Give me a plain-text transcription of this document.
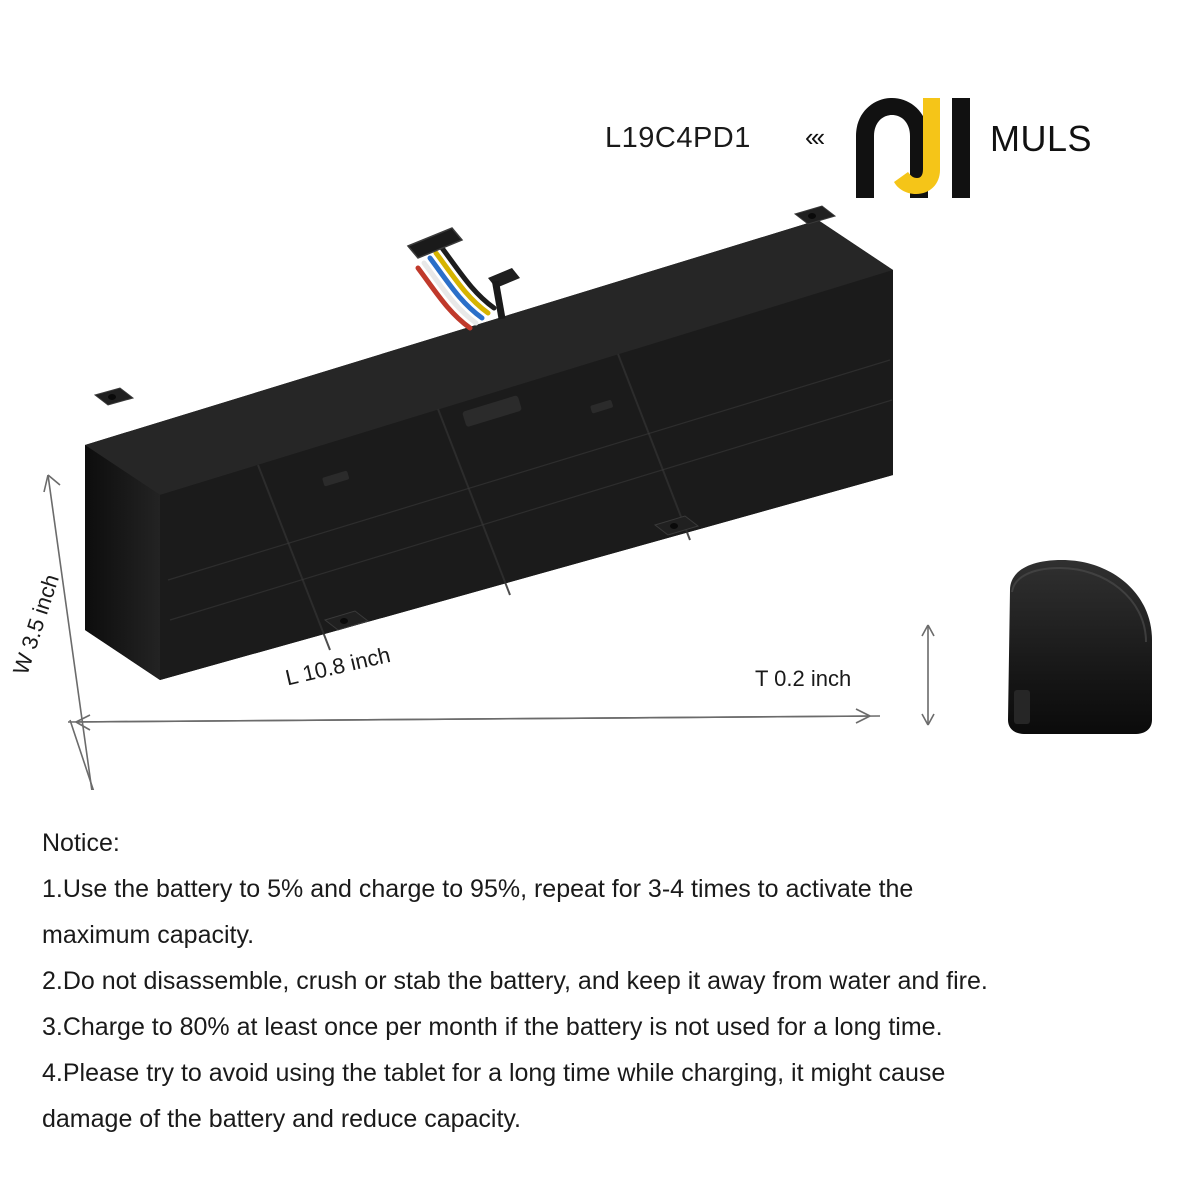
L19C4PD1 «‹	MULS
W 3.5 inch	L 10.8 inch	T 0.2 inch
Notice:
1.Use the battery to 5% and charge to 95%, repeat for 3-4 times to activate the
maximum capacity.
2.Do not disassemble, crush or stab the battery, and keep it away from water and fire.
3.Charge to 80% at least once per month if the battery is not used for a long time.
4.Please try to avoid using the tablet for a long time while charging, it might cause
damage of the battery and reduce capacity.
